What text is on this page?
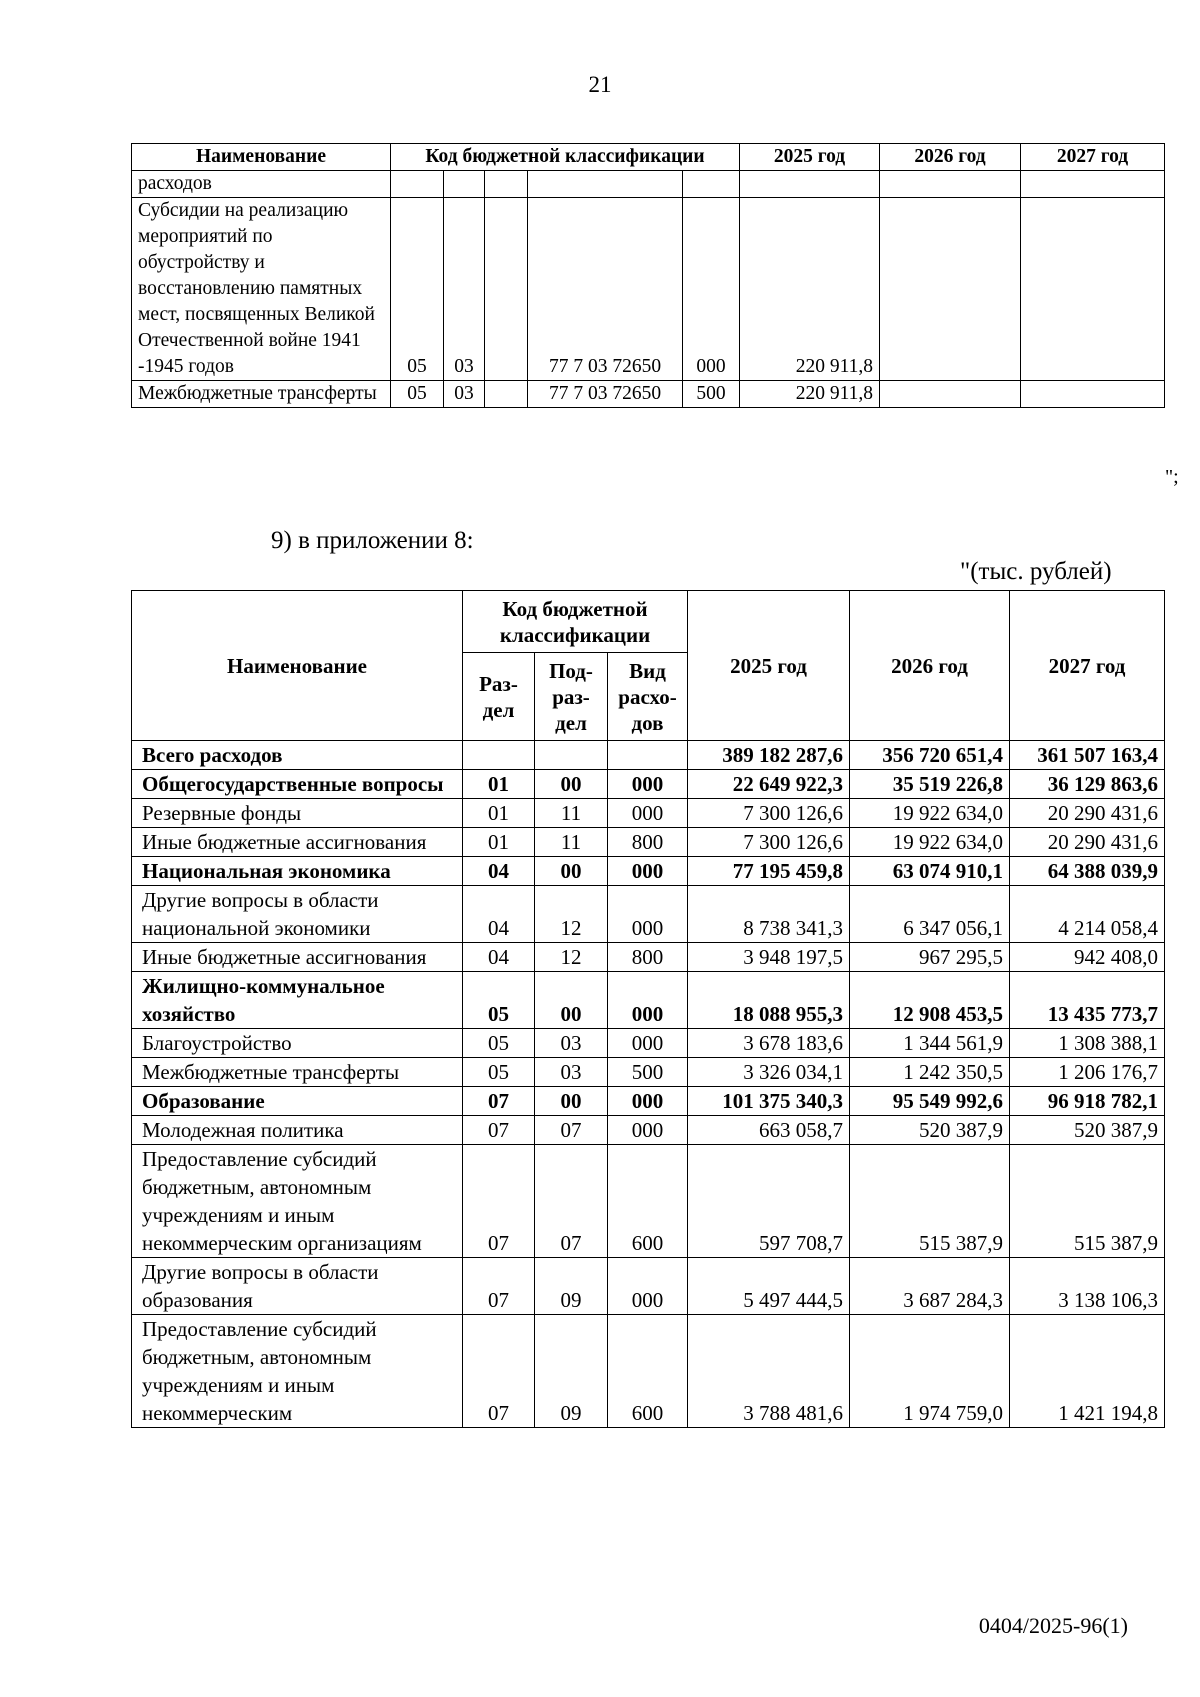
21
Наименование	Код бюджетной классификации					2025 год	2026 год	2027 год
расходов								
Субсидии на реализацию мероприятий по обустройству и восстановлению памятных мест, посвященных Великой Отечественной войне 1941 -1945 годов	05	03		77 7 03 72650	000	220 911,8		
Межбюджетные трансферты	05	03		77 7 03 72650	500	220 911,8		
";
9) в приложении 8:
"(тыс. рублей)
Наименование	Код бюджетной классификации			2025 год	2026 год	2027 год
	Раз-дел	Под-раз-дел	Вид расхо-дов			
Всего расходов				389 182 287,6	356 720 651,4	361 507 163,4
Общегосударственные вопросы	01	00	000	22 649 922,3	35 519 226,8	36 129 863,6
Резервные фонды	01	11	000	7 300 126,6	19 922 634,0	20 290 431,6
Иные бюджетные ассигнования	01	11	800	7 300 126,6	19 922 634,0	20 290 431,6
Национальная экономика	04	00	000	77 195 459,8	63 074 910,1	64 388 039,9
Другие вопросы в области национальной экономики	04	12	000	8 738 341,3	6 347 056,1	4 214 058,4
Иные бюджетные ассигнования	04	12	800	3 948 197,5	967 295,5	942 408,0
Жилищно-коммунальное хозяйство	05	00	000	18 088 955,3	12 908 453,5	13 435 773,7
Благоустройство	05	03	000	3 678 183,6	1 344 561,9	1 308 388,1
Межбюджетные трансферты	05	03	500	3 326 034,1	1 242 350,5	1 206 176,7
Образование	07	00	000	101 375 340,3	95 549 992,6	96 918 782,1
Молодежная политика	07	07	000	663 058,7	520 387,9	520 387,9
Предоставление субсидий бюджетным, автономным учреждениям и иным некоммерческим организациям	07	07	600	597 708,7	515 387,9	515 387,9
Другие вопросы в области образования	07	09	000	5 497 444,5	3 687 284,3	3 138 106,3
Предоставление субсидий бюджетным, автономным учреждениям и иным некоммерческим	07	09	600	3 788 481,6	1 974 759,0	1 421 194,8
0404/2025-96(1)
